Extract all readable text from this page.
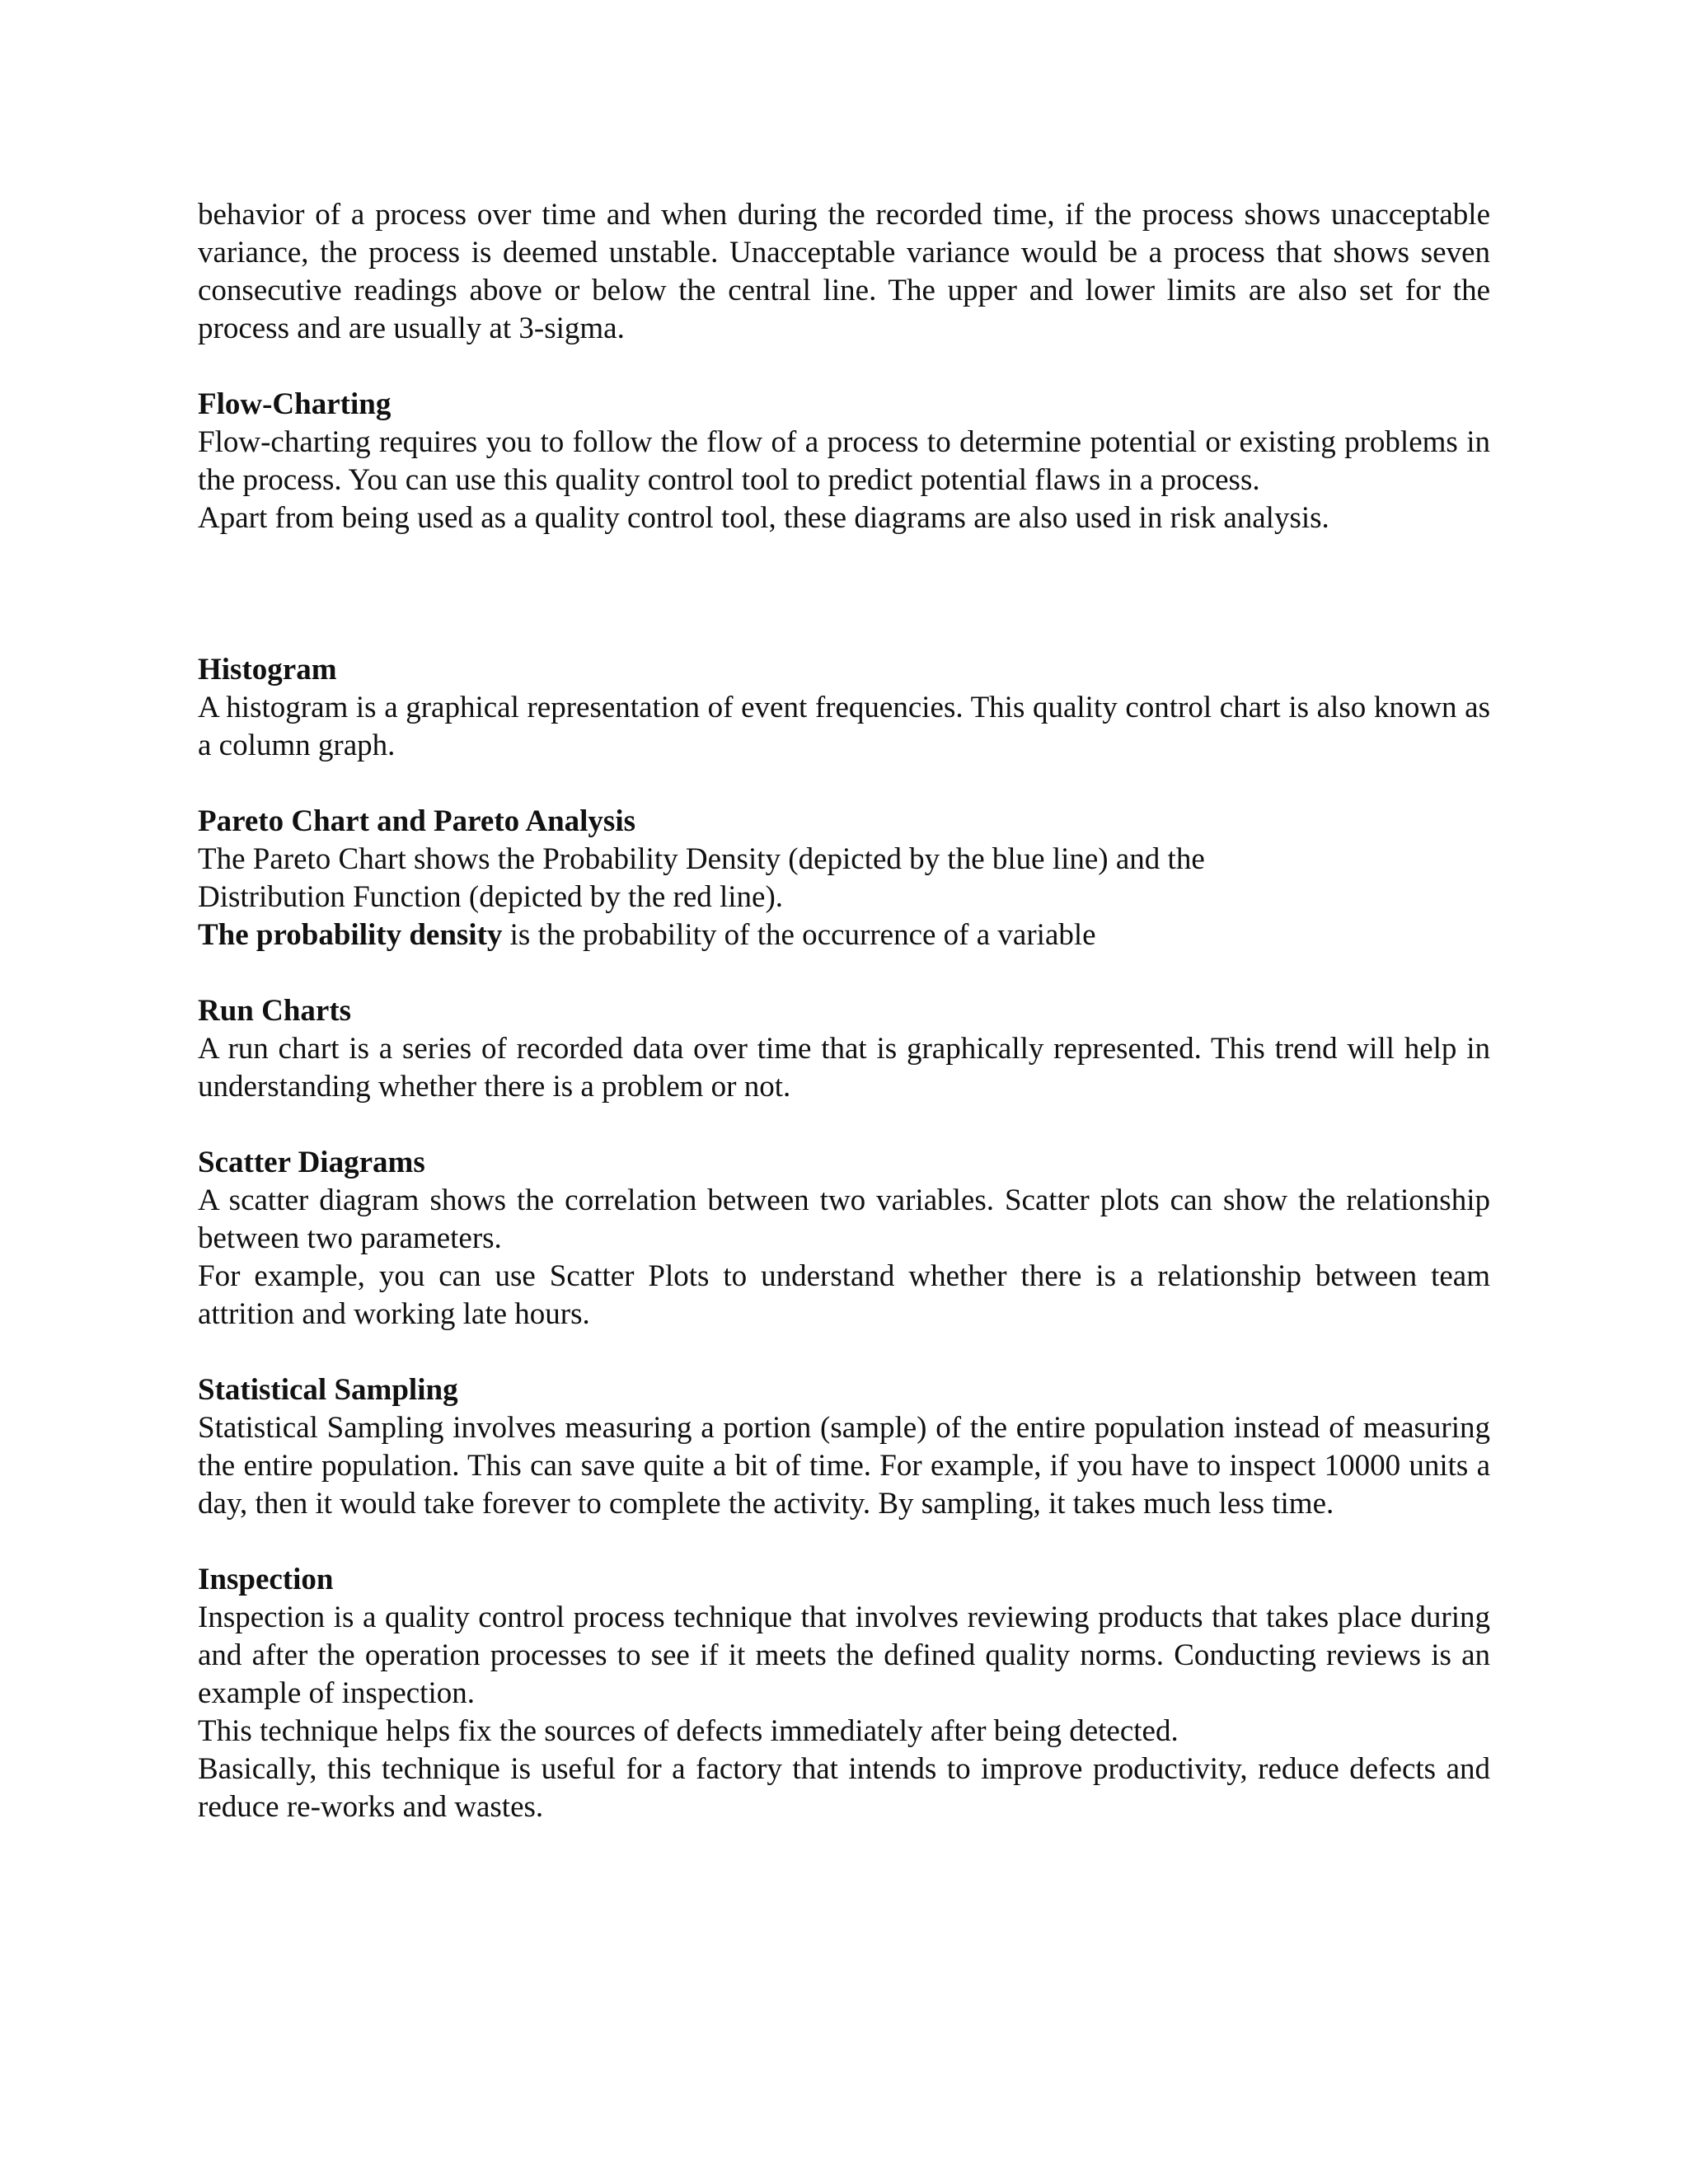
behavior of a process over time and when during the recorded time, if the process shows unacceptable variance, the process is deemed unstable. Unacceptable variance would be a process that shows seven consecutive readings above or below the central line. The upper and lower limits are also set for the process and are usually at 3-sigma.

Flow-Charting

Flow-charting requires you to follow the flow of a process to determine potential or existing problems in the process. You can use this quality control tool to predict potential flaws in a process.

Apart from being used as a quality control tool, these diagrams are also used in risk analysis.

Histogram

A histogram is a graphical representation of event frequencies. This quality control chart is also known as a column graph.

Pareto Chart and Pareto Analysis

The Pareto Chart shows the Probability Density (depicted by the blue line) and the

Distribution Function (depicted by the red line).

The probability density is the probability of the occurrence of a variable

Run Charts

A run chart is a series of recorded data over time that is graphically represented. This trend will help in understanding whether there is a problem or not.

Scatter Diagrams

A scatter diagram shows the correlation between two variables. Scatter plots can show the relationship between two parameters.

For example, you can use Scatter Plots to understand whether there is a relationship between team attrition and working late hours.

Statistical Sampling

Statistical Sampling involves measuring a portion (sample) of the entire population instead of measuring the entire population. This can save quite a bit of time. For example, if you have to inspect 10000 units a day, then it would take forever to complete the activity. By sampling, it takes much less time.

Inspection

Inspection is a quality control process technique that involves reviewing products that takes place during and after the operation processes to see if it meets the defined quality norms. Conducting reviews is an example of inspection.

This technique helps fix the sources of defects immediately after being detected.

Basically, this technique is useful for a factory that intends to improve productivity, reduce defects and reduce re-works and wastes.
